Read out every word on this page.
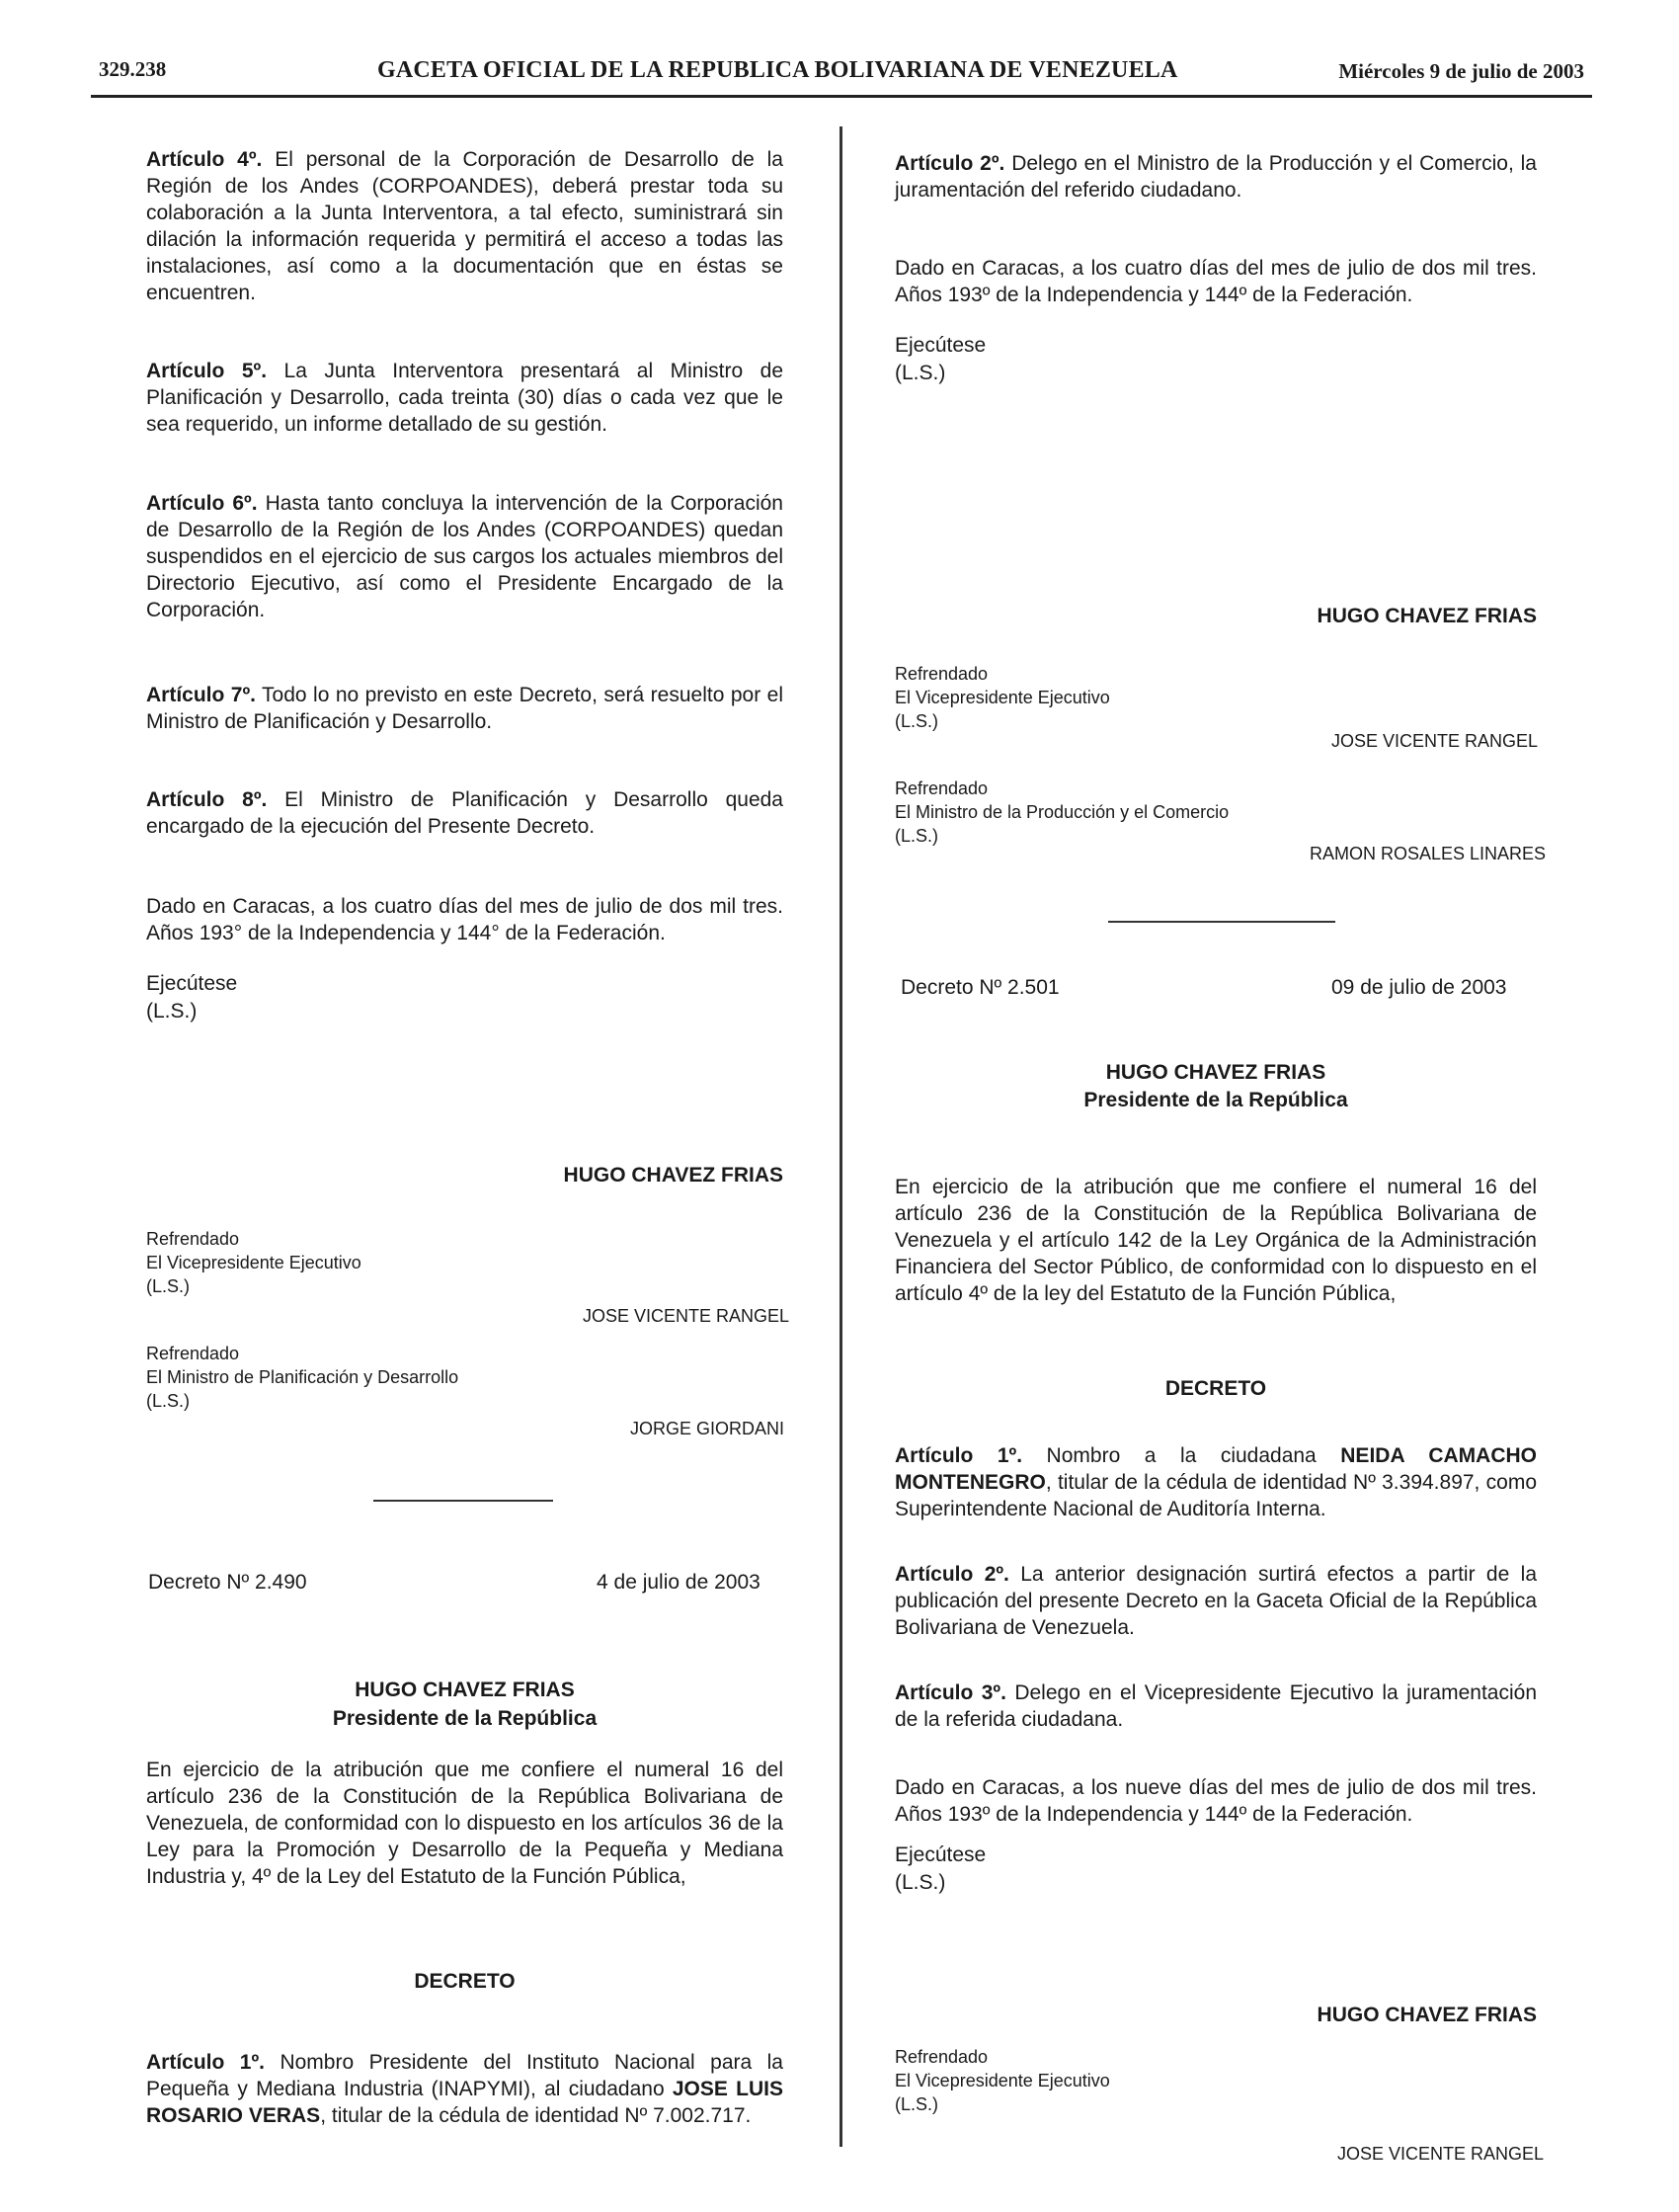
329.238	GACETA OFICIAL DE LA REPUBLICA BOLIVARIANA DE VENEZUELA	Miércoles 9 de julio de 2003

Artículo 4º. El personal de la Corporación de Desarrollo de la Región de los Andes (CORPOANDES), deberá prestar toda su colaboración a la Junta Interventora, a tal efecto, suministrará sin dilación la información requerida y permitirá el acceso a todas las instalaciones, así como a la documentación que en éstas se encuentren.

Artículo 5º. La Junta Interventora presentará al Ministro de Planificación y Desarrollo, cada treinta (30) días o cada vez que le sea requerido, un informe detallado de su gestión.

Artículo 6º. Hasta tanto concluya la intervención de la Corporación de Desarrollo de la Región de los Andes (CORPOANDES) quedan suspendidos en el ejercicio de sus cargos los actuales miembros del Directorio Ejecutivo, así como el Presidente Encargado de la Corporación.

Artículo 7º. Todo lo no previsto en este Decreto, será resuelto por el Ministro de Planificación y Desarrollo.

Artículo 8º. El Ministro de Planificación y Desarrollo queda encargado de la ejecución del Presente Decreto.

Dado en Caracas, a los cuatro días del mes de julio de dos mil tres. Años 193° de la Independencia y 144° de la Federación.

Ejecútese

(L.S.)

HUGO CHAVEZ FRIAS

Refrendado

El Vicepresidente Ejecutivo

(L.S.)

JOSE VICENTE RANGEL

Refrendado

El Ministro de Planificación y Desarrollo

(L.S.)

JORGE GIORDANI

Decreto Nº 2.490	4 de julio de 2003

HUGO CHAVEZ FRIAS

Presidente de la República

En ejercicio de la atribución que me confiere el numeral 16 del artículo 236 de la Constitución de la República Bolivariana de Venezuela, de conformidad con lo dispuesto en los artículos 36 de la Ley para la Promoción y Desarrollo de la Pequeña y Mediana Industria y, 4º de la Ley del Estatuto de la Función Pública,

DECRETO

Artículo 1º. Nombro Presidente del Instituto Nacional para la Pequeña y Mediana Industria (INAPYMI), al ciudadano JOSE LUIS ROSARIO VERAS, titular de la cédula de identidad Nº 7.002.717.

Artículo 2º. Delego en el Ministro de la Producción y el Comercio, la juramentación del referido ciudadano.

Dado en Caracas, a los cuatro días del mes de julio de dos mil tres. Años 193º de la Independencia y 144º de la Federación.

Ejecútese

(L.S.)

HUGO CHAVEZ FRIAS

Refrendado

El Vicepresidente Ejecutivo

(L.S.)

JOSE VICENTE RANGEL

Refrendado

El Ministro de la Producción y el Comercio

(L.S.)

RAMON ROSALES LINARES

Decreto Nº 2.501	09 de julio de 2003

HUGO CHAVEZ FRIAS

Presidente de la República

En ejercicio de la atribución que me confiere el numeral 16 del artículo 236 de la Constitución de la República Bolivariana de Venezuela y el artículo 142 de la Ley Orgánica de la Administración Financiera del Sector Público, de conformidad con lo dispuesto en el artículo 4º de la ley del Estatuto de la Función Pública,

DECRETO

Artículo 1º. Nombro a la ciudadana NEIDA CAMACHO MONTENEGRO, titular de la cédula de identidad Nº 3.394.897, como Superintendente Nacional de Auditoría Interna.

Artículo 2º. La anterior designación surtirá efectos a partir de la publicación del presente Decreto en la Gaceta Oficial de la República Bolivariana de Venezuela.

Artículo 3º. Delego en el Vicepresidente Ejecutivo la juramentación de la referida ciudadana.

Dado en Caracas, a los nueve días del mes de julio de dos mil tres. Años 193º de la Independencia y 144º de la Federación.

Ejecútese

(L.S.)

HUGO CHAVEZ FRIAS

Refrendado

El Vicepresidente Ejecutivo

(L.S.)

JOSE VICENTE RANGEL
